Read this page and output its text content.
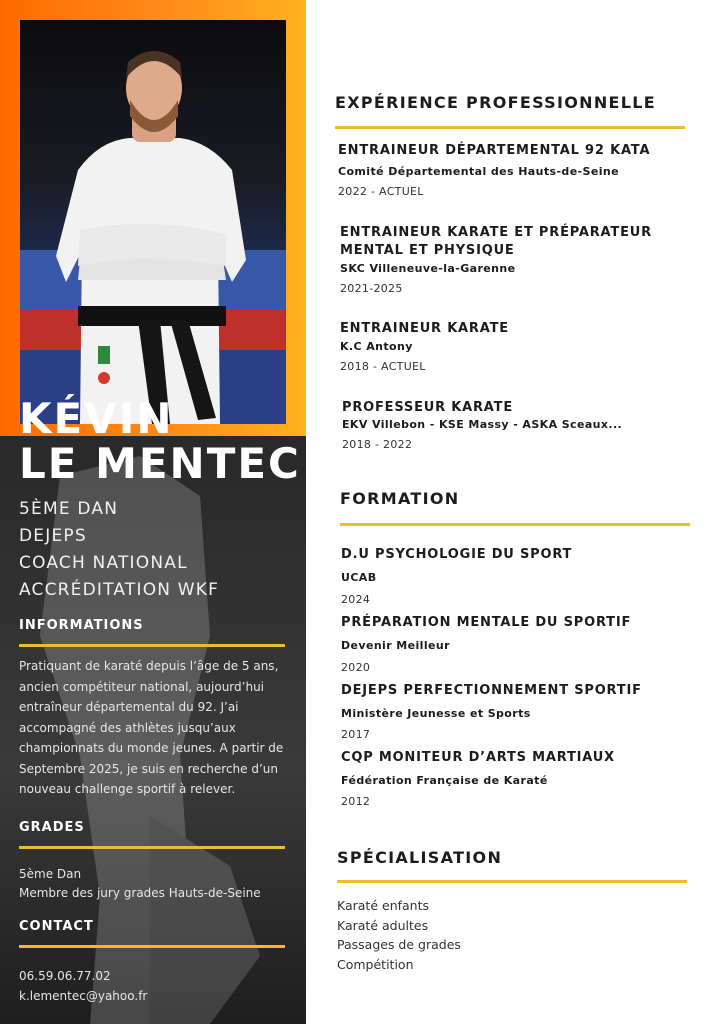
KÉVIN
LE MENTEC
5ÈME DAN
DEJEPS
COACH NATIONAL
ACCRÉDITATION WKF
INFORMATIONS
Pratiquant de karaté depuis l’âge de 5 ans, ancien compétiteur national, aujourd’hui entraîneur départemental du 92. J’ai accompagné des athlètes jusqu’aux championnats du monde jeunes. A partir de Septembre 2025, je suis en recherche d’un nouveau challenge sportif à relever.
GRADES
5ème Dan
Membre des jury grades Hauts-de-Seine
CONTACT
06.59.06.77.02
k.lementec@yahoo.fr
EXPÉRIENCE PROFESSIONNELLE
ENTRAINEUR DÉPARTEMENTAL 92 KATA
Comité Départemental des Hauts-de-Seine
2022 - ACTUEL
ENTRAINEUR KARATE ET PRÉPARATEUR MENTAL ET PHYSIQUE
SKC Villeneuve-la-Garenne
2021-2025
ENTRAINEUR KARATE
K.C Antony
2018 - ACTUEL
PROFESSEUR KARATE
EKV Villebon - KSE Massy - ASKA Sceaux...
2018 - 2022
FORMATION
D.U PSYCHOLOGIE DU SPORT
UCAB
2024
PRÉPARATION MENTALE DU SPORTIF
Devenir Meilleur
2020
DEJEPS PERFECTIONNEMENT SPORTIF
Ministère Jeunesse et Sports
2017
CQP MONITEUR D’ARTS MARTIAUX
Fédération Française de Karaté
2012
SPÉCIALISATION
Karaté enfants
Karaté adultes
Passages de grades
Compétition
